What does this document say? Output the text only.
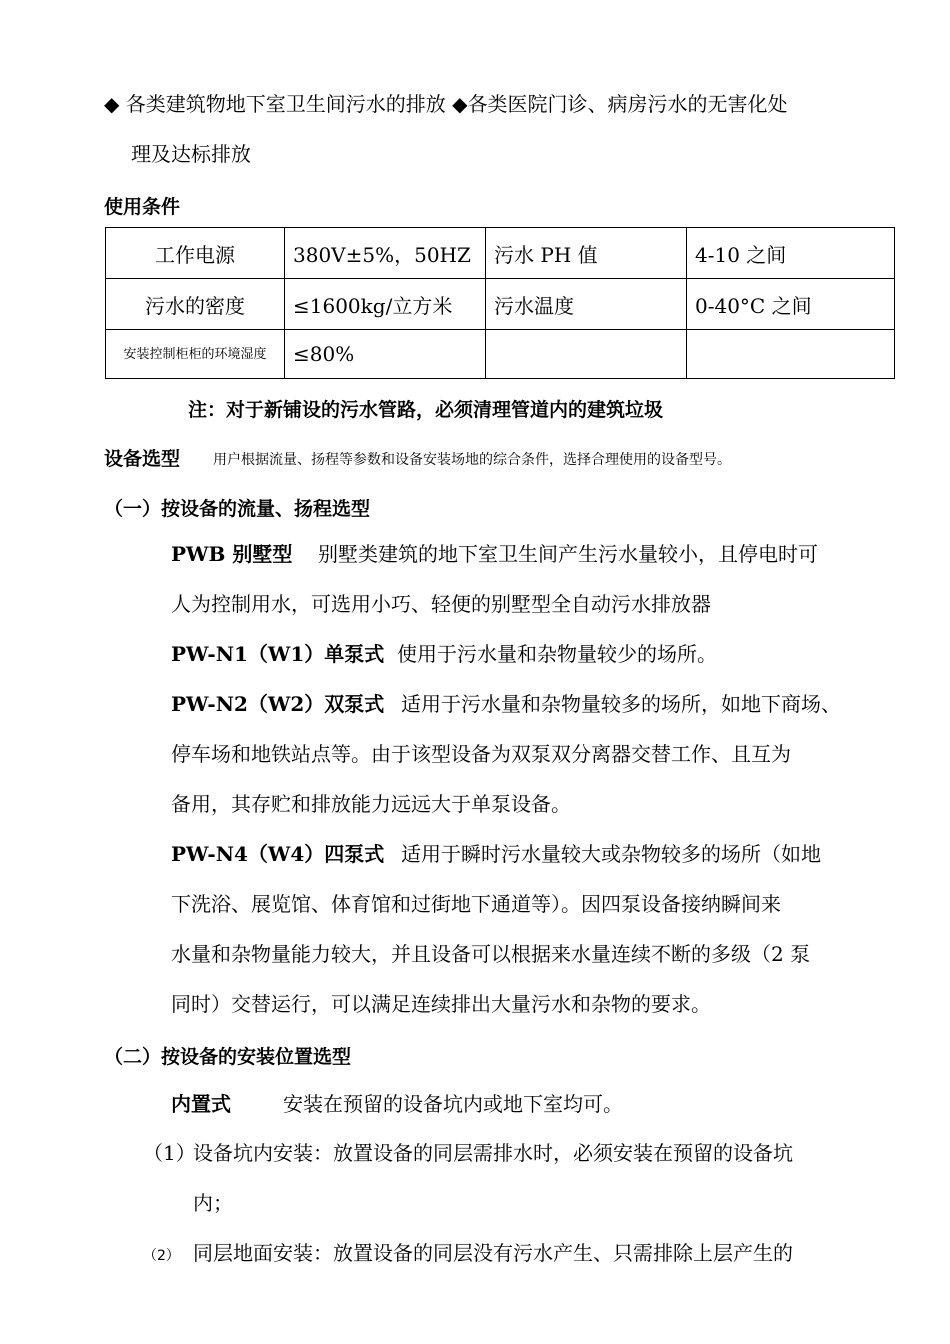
◆ 各类建筑物地下室卫生间污水的排放 ◆各类医院门诊、病房污水的无害化处
理及达标排放
使用条件
工作电源	380V±5%，50HZ	污水 PH 值	4-10 之间
污水的密度	≤1600kg/立方米	污水温度	0-40°C 之间
安装控制柜柜的环境湿度	≤80%		
注：对于新铺设的污水管路，必须清理管道内的建筑垃圾
设备选型 用户根据流量、扬程等参数和设备安装场地的综合条件，选择合理使用的设备型号。
（一）按设备的流量、扬程选型
PWB 别墅型 别墅类建筑的地下室卫生间产生污水量较小，且停电时可
人为控制用水，可选用小巧、轻便的别墅型全自动污水排放器
PW-N1（W1）单泵式 使用于污水量和杂物量较少的场所。
PW-N2（W2）双泵式 适用于污水量和杂物量较多的场所，如地下商场、
停车场和地铁站点等。由于该型设备为双泵双分离器交替工作、且互为
备用，其存贮和排放能力远远大于单泵设备。
PW-N4（W4）四泵式 适用于瞬时污水量较大或杂物较多的场所（如地
下洗浴、展览馆、体育馆和过街地下通道等）。因四泵设备接纳瞬间来
水量和杂物量能力较大，并且设备可以根据来水量连续不断的多级（2 泵
同时）交替运行，可以满足连续排出大量污水和杂物的要求。
（二）按设备的安装位置选型
内置式	安装在预留的设备坑内或地下室均可。
（1）
设备坑内安装：放置设备的同层需排水时，必须安装在预留的设备坑
内；
（2） 同层地面安装：放置设备的同层没有污水产生、只需排除上层产生的
